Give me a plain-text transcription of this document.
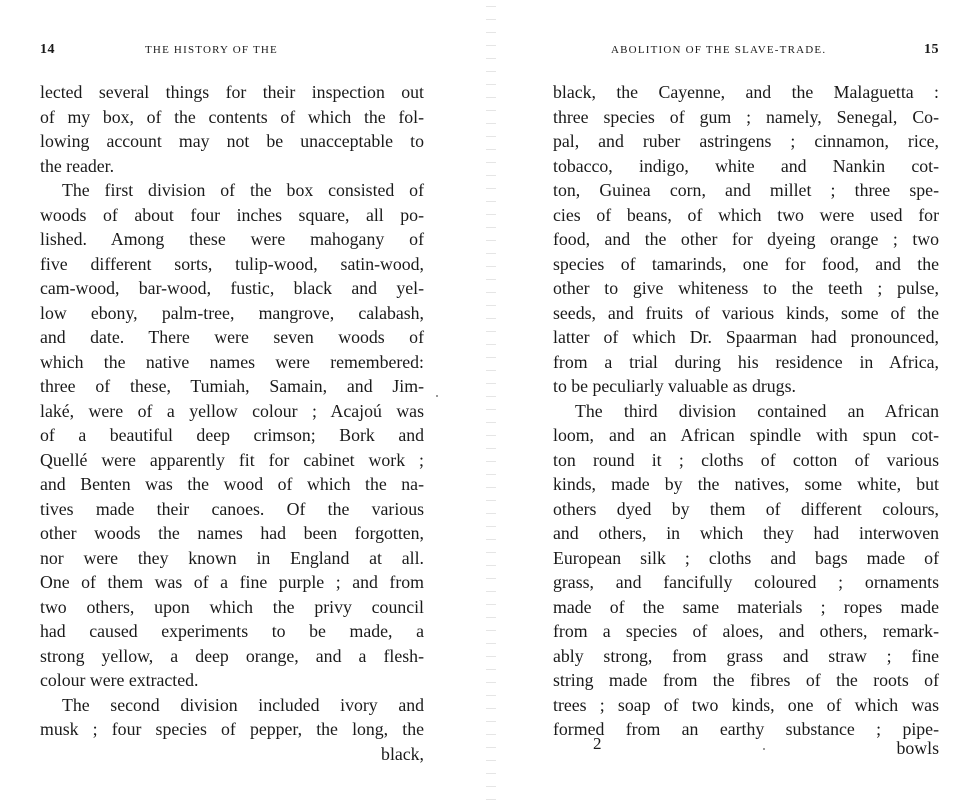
14	THE HISTORY OF THE
lected several things for their inspection out
of my box, of the contents of which the fol-
lowing account may not be unacceptable to
the reader.
The first division of the box consisted of
woods of about four inches square, all po-
lished. Among these were mahogany of
five different sorts, tulip-wood, satin-wood,
cam-wood, bar-wood, fustic, black and yel-
low ebony, palm-tree, mangrove, calabash,
and date. There were seven woods of
which the native names were remembered:
three of these, Tumiah, Samain, and Jim-
laké, were of a yellow colour ; Acajoú was
of a beautiful deep crimson; Bork and
Quellé were apparently fit for cabinet work ;
and Benten was the wood of which the na-
tives made their canoes. Of the various
other woods the names had been forgotten,
nor were they known in England at all.
One of them was of a fine purple ; and from
two others, upon which the privy council
had caused experiments to be made, a
strong yellow, a deep orange, and a flesh-
colour were extracted.
The second division included ivory and
musk ; four species of pepper, the long, the
black,
ABOLITION OF THE SLAVE-TRADE.	15
black, the Cayenne, and the Malaguetta :
three species of gum ; namely, Senegal, Co-
pal, and ruber astringens ; cinnamon, rice,
tobacco, indigo, white and Nankin cot-
ton, Guinea corn, and millet ; three spe-
cies of beans, of which two were used for
food, and the other for dyeing orange ; two
species of tamarinds, one for food, and the
other to give whiteness to the teeth ; pulse,
seeds, and fruits of various kinds, some of the
latter of which Dr. Spaarman had pronounced,
from a trial during his residence in Africa,
to be peculiarly valuable as drugs.
The third division contained an African
loom, and an African spindle with spun cot-
ton round it ; cloths of cotton of various
kinds, made by the natives, some white, but
others dyed by them of different colours,
and others, in which they had interwoven
European silk ; cloths and bags made of
grass, and fancifully coloured ; ornaments
made of the same materials ; ropes made
from a species of aloes, and others, remark-
ably strong, from grass and straw ; fine
string made from the fibres of the roots of
trees ; soap of two kinds, one of which was
formed from an earthy substance ; pipe-
2	bowls
